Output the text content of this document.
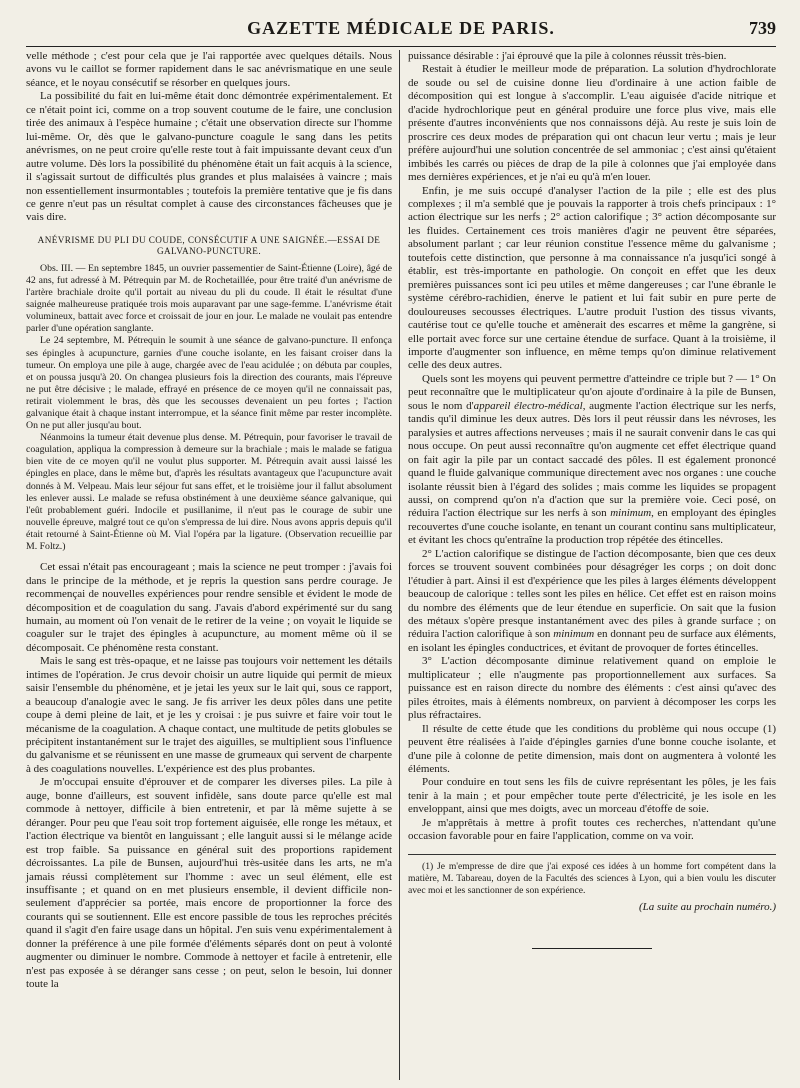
GAZETTE MÉDICALE DE PARIS.	739

velle méthode ; c'est pour cela que je l'ai rapportée avec quelques détails. Nous avons vu le caillot se former rapidement dans le sac anévrismatique en une seule séance, et le noyau consécutif se résorber en quelques jours.

La possibilité du fait en lui-même était donc démontrée expérimentalement. Et ce n'était point ici, comme on a trop souvent coutume de le faire, une conclusion tirée des animaux à l'espèce humaine ; c'était une observation directe sur l'homme lui-même. Or, dès que le galvano-puncture coagule le sang dans les petits anévrismes, on ne peut croire qu'elle reste tout à fait impuissante devant ceux d'un autre volume. Dès lors la possibilité du phénomène était un fait acquis à la science, il s'agissait surtout de difficultés plus grandes et plus malaisées à vaincre ; mais non essentiellement insurmontables ; toutefois la première tentative que je fis dans ce genre n'eut pas un résultat complet à cause des circonstances fâcheuses que je vais dire.

ANÉVRISME DU PLI DU COUDE, CONSÉCUTIF A UNE SAIGNÉE.—ESSAI DE GALVANO-PUNCTURE.

Obs. III. — En septembre 1845, un ouvrier passementier de Saint-Étienne (Loire), âgé de 42 ans, fut adressé à M. Pétrequin par M. de Rochetaillée, pour être traité d'un anévrisme de l'artère brachiale droite qu'il portait au niveau du pli du coude. Il était le résultat d'une saignée malheureuse pratiquée trois mois auparavant par une sage-femme. L'anévrisme était volumineux, battait avec force et croissait de jour en jour. Le malade ne voulait pas entendre parler d'une opération sanglante.

Le 24 septembre, M. Pétrequin le soumit à une séance de galvano-puncture. Il enfonça ses épingles à acupuncture, garnies d'une couche isolante, en les faisant croiser dans la tumeur. On employa une pile à auge, chargée avec de l'eau acidulée ; on débuta par couples, et on poussa jusqu'à 20. On changea plusieurs fois la direction des courants, mais l'épreuve ne put être décisive ; le malade, effrayé en présence de ce moyen qu'il ne connaissait pas, retirait violemment le bras, dès que les secousses devenaient un peu fortes ; l'action galvanique était à chaque instant interrompue, et la séance finit même par rester incomplète. On ne put aller jusqu'au bout.

Néanmoins la tumeur était devenue plus dense. M. Pétrequin, pour favoriser le travail de coagulation, appliqua la compression à demeure sur la brachiale ; mais le malade se fatigua bien vite de ce moyen qu'il ne voulut plus supporter. M. Pétrequin avait aussi laissé les épingles en place, dans le même but, d'après les résultats avantageux que l'acupuncture avait donnés à M. Velpeau. Mais leur séjour fut sans effet, et le troisième jour il fallut absolument les enlever aussi. Le malade se refusa obstinément à une deuxième séance galvanique, qui l'eût probablement guéri. Indocile et pusillanime, il n'eut pas le courage de subir une nouvelle épreuve, malgré tout ce qu'on s'empressa de lui dire. Nous avons appris depuis qu'il était retourné à Saint-Étienne où M. Vial l'opéra par la ligature. (Observation recueillie par M. Foltz.)

Cet essai n'était pas encourageant ; mais la science ne peut tromper : j'avais foi dans le principe de la méthode, et je repris la question sans perdre courage. Je recommençai de nouvelles expériences pour rendre sensible et évident le mode de décomposition et de coagulation du sang. J'avais d'abord expérimenté sur du sang humain, au moment où l'on venait de le retirer de la veine ; on voyait le liquide se coaguler sur le trajet des épingles à acupuncture, au moment même où il se décomposait. Ce phénomène resta constant.

Mais le sang est très-opaque, et ne laisse pas toujours voir nettement les détails intimes de l'opération. Je crus devoir choisir un autre liquide qui permit de mieux saisir l'ensemble du phénomène, et je jetai les yeux sur le lait qui, sous ce rapport, a beaucoup d'analogie avec le sang. Je fis arriver les deux pôles dans une petite coupe à demi pleine de lait, et je les y croisai : je pus suivre et faire voir tout le mécanisme de la coagulation. A chaque contact, une multitude de petits globules se précipitent instantanément sur le trajet des aiguilles, se multiplient sous l'influence du galvanisme et se réunissent en une masse de grumeaux qui servent de charpente à des coagulations nouvelles. L'expérience est des plus probantes.

Je m'occupai ensuite d'éprouver et de comparer les diverses piles. La pile à auge, bonne d'ailleurs, est souvent infidèle, sans doute parce qu'elle est mal commode à nettoyer, difficile à bien entretenir, et par là même sujette à se déranger. Pour peu que l'eau soit trop fortement aiguisée, elle ronge les métaux, et l'action électrique va bientôt en languissant ; elle languit aussi si le mélange acide est trop faible. Sa puissance en général suit des proportions rapidement décroissantes. La pile de Bunsen, aujourd'hui très-usitée dans les arts, ne m'a jamais réussi complètement sur l'homme : avec un seul élément, elle est insuffisante ; et quand on en met plusieurs ensemble, il devient difficile non-seulement d'apprécier sa portée, mais encore de proportionner la force des courants qui se soutiennent. Elle est encore passible de tous les reproches précités quand il s'agit d'en faire usage dans un hôpital. J'en suis venu expérimentalement à donner la préférence à une pile formée d'éléments séparés dont on peut à volonté augmenter ou diminuer le nombre. Commode à nettoyer et facile à entretenir, elle n'est pas exposée à se déranger sans cesse ; on peut, selon le besoin, lui donner toute la

puissance désirable : j'ai éprouvé que la pile à colonnes réussit très-bien.

Restait à étudier le meilleur mode de préparation. La solution d'hydrochlorate de soude ou sel de cuisine donne lieu d'ordinaire à une action faible de décomposition qui est longue à s'accomplir. L'eau aiguisée d'acide nitrique et d'acide hydrochlorique peut en général produire une force plus vive, mais elle présente d'autres inconvénients que nos connaissons déjà. Au reste je suis loin de proscrire ces deux modes de préparation qui ont chacun leur vertu ; mais je leur préfère aujourd'hui une solution concentrée de sel ammoniac ; c'est ainsi qu'étaient imbibés les carrés ou pièces de drap de la pile à colonnes que j'ai employée dans mes dernières expériences, et je n'ai eu qu'à m'en louer.

Enfin, je me suis occupé d'analyser l'action de la pile ; elle est des plus complexes ; il m'a semblé que je pouvais la rapporter à trois chefs principaux : 1° action électrique sur les nerfs ; 2° action calorifique ; 3° action décomposante sur les fluides. Certainement ces trois manières d'agir ne peuvent être séparées, absolument parlant ; car leur réunion constitue l'essence même du galvanisme ; toutefois cette distinction, que personne à ma connaissance n'a jusqu'ici songé à établir, est très-importante en pathologie. On conçoit en effet que les deux premières puissances sont ici peu utiles et même dangereuses ; car l'une ébranle le système cérébro-rachidien, énerve le patient et lui fait subir en pure perte de douloureuses secousses électriques. L'autre produit l'ustion des tissus vivants, cautérise tout ce qu'elle touche et amènerait des escarres et même la gangrène, si elle portait avec force sur une certaine étendue de surface. Quant à la troisième, il importe d'augmenter son influence, en même temps qu'on diminue relativement celle des deux autres.

Quels sont les moyens qui peuvent permettre d'atteindre ce triple but ? — 1° On peut reconnaître que le multiplicateur qu'on ajoute d'ordinaire à la pile de Bunsen, sous le nom d'appareil électro-médical, augmente l'action électrique sur les nerfs, tandis qu'il diminue les deux autres. Dès lors il peut réussir dans les névroses, les paralysies et autres affections nerveuses ; mais il ne saurait convenir dans le cas qui nous occupe. On peut aussi reconnaître qu'on augmente cet effet électrique quand on fait agir la pile par un contact saccadé des pôles. Il est également prononcé quand le fluide galvanique communique directement avec nos organes : une couche isolante réussit bien à l'égard des solides ; mais comme les liquides se propagent aussi, on comprend qu'on n'a d'action que sur la première voie. Ceci posé, on réduira l'action électrique sur les nerfs à son minimum, en employant des épingles recouvertes d'une couche isolante, en tenant un courant continu sans multiplicateur, et évitant les chocs qu'entraîne la production trop répétée des étincelles.

2° L'action calorifique se distingue de l'action décomposante, bien que ces deux forces se trouvent souvent combinées pour désagréger les corps ; on doit donc l'étudier à part. Ainsi il est d'expérience que les piles à larges éléments développent beaucoup de calorique : telles sont les piles en hélice. Cet effet est en raison moins du nombre des éléments que de leur étendue en superficie. On sait que la fusion des métaux s'opère presque instantanément avec des piles à grande surface ; on réduira l'action calorifique à son minimum en donnant peu de surface aux éléments, en isolant les épingles conductrices, et évitant de provoquer de fortes étincelles.

3° L'action décomposante diminue relativement quand on emploie le multiplicateur ; elle n'augmente pas proportionnellement aux surfaces. Sa puissance est en raison directe du nombre des éléments : c'est ainsi qu'avec des piles étroites, mais à éléments nombreux, on parvient à décomposer les corps les plus réfractaires.

Il résulte de cette étude que les conditions du problème qui nous occupe (1) peuvent être réalisées à l'aide d'épingles garnies d'une bonne couche isolante, et d'une pile à colonne de petite dimension, mais dont on augmentera à volonté les éléments.

Pour conduire en tout sens les fils de cuivre représentant les pôles, je les fais tenir à la main ; et pour empêcher toute perte d'électricité, je les isole en les enveloppant, ainsi que mes doigts, avec un morceau d'étoffe de soie.

Je m'apprêtais à mettre à profit toutes ces recherches, n'attendant qu'une occasion favorable pour en faire l'application, comme on va voir.

(1) Je m'empresse de dire que j'ai exposé ces idées à un homme fort compétent dans la matière, M. Tabareau, doyen de la Facultés des sciences à Lyon, qui a bien voulu les discuter avec moi et les sanctionner de son expérience.

(La suite au prochain numéro.)
